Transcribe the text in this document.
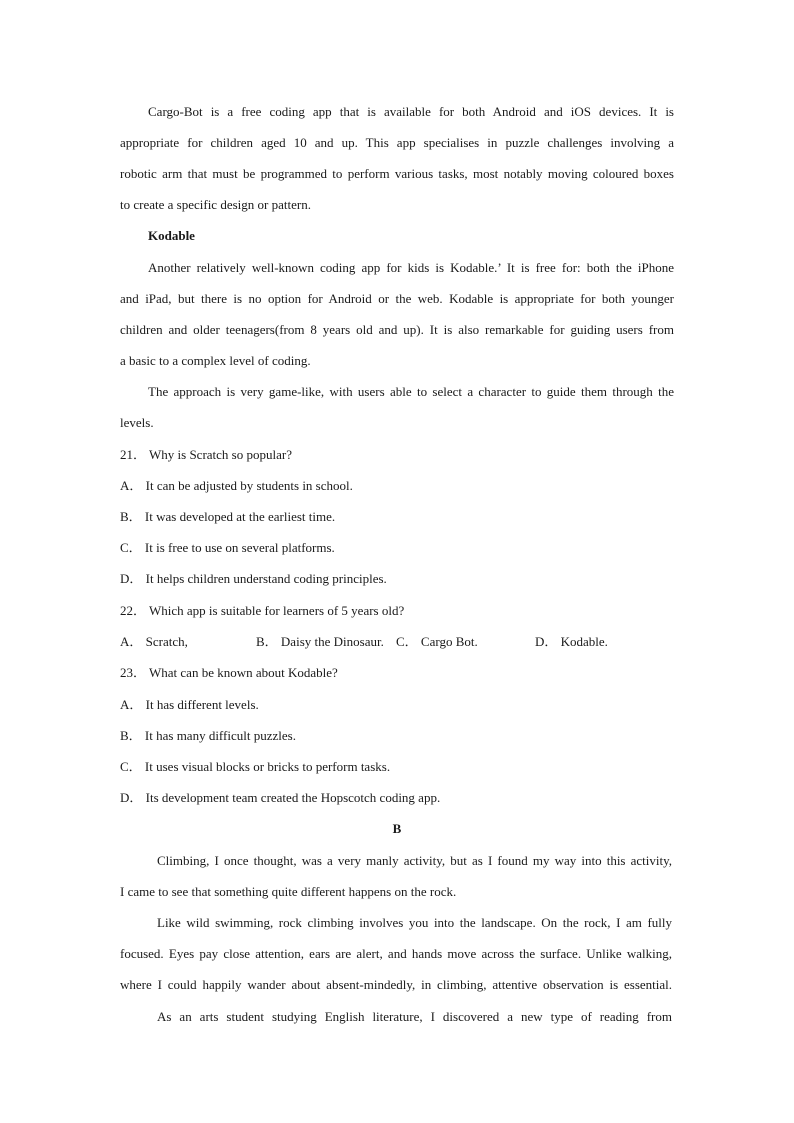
Cargo-Bot is a free coding app that is available for both Android and iOS devices. It is
appropriate for children aged 10 and up. This app specialises in puzzle challenges involving a
robotic arm that must be programmed to perform various tasks, most notably moving coloured boxes
to create a specific design or pattern.
Kodable
Another relatively well-known coding app for kids is Kodable.’ It is free for: both the iPhone
and iPad, but there is no option for Android or the web. Kodable is appropriate for both younger
children and older teenagers(from 8 years old and up). It is also remarkable for guiding users from
a basic to a complex level of coding.
The approach is very game-like, with users able to select a character to guide them through the
levels.
21． Why is Scratch so popular?
A． It can be adjusted by students in school.
B． It was developed at the earliest time.
C． It is free to use on several platforms.
D． It helps children understand coding principles.
22． Which app is suitable for learners of 5 years old?
A． Scratch,	B． Daisy the Dinosaur. C． Cargo Bot.	D． Kodable.
23． What can be known about Kodable?
A． It has different levels.
B． It has many difficult puzzles.
C． It uses visual blocks or bricks to perform tasks.
D． Its development team created the Hopscotch coding app.
B
Climbing, I once thought, was a very manly activity, but as I found my way into this activity,
I came to see that something quite different happens on the rock.
Like wild swimming, rock climbing involves you into the landscape. On the rock, I am fully
focused. Eyes pay close attention, ears are alert, and hands move across the surface. Unlike walking,
where I could happily wander about absent-mindedly, in climbing, attentive observation is essential.
As an arts student studying English literature, I discovered a new type of reading from
